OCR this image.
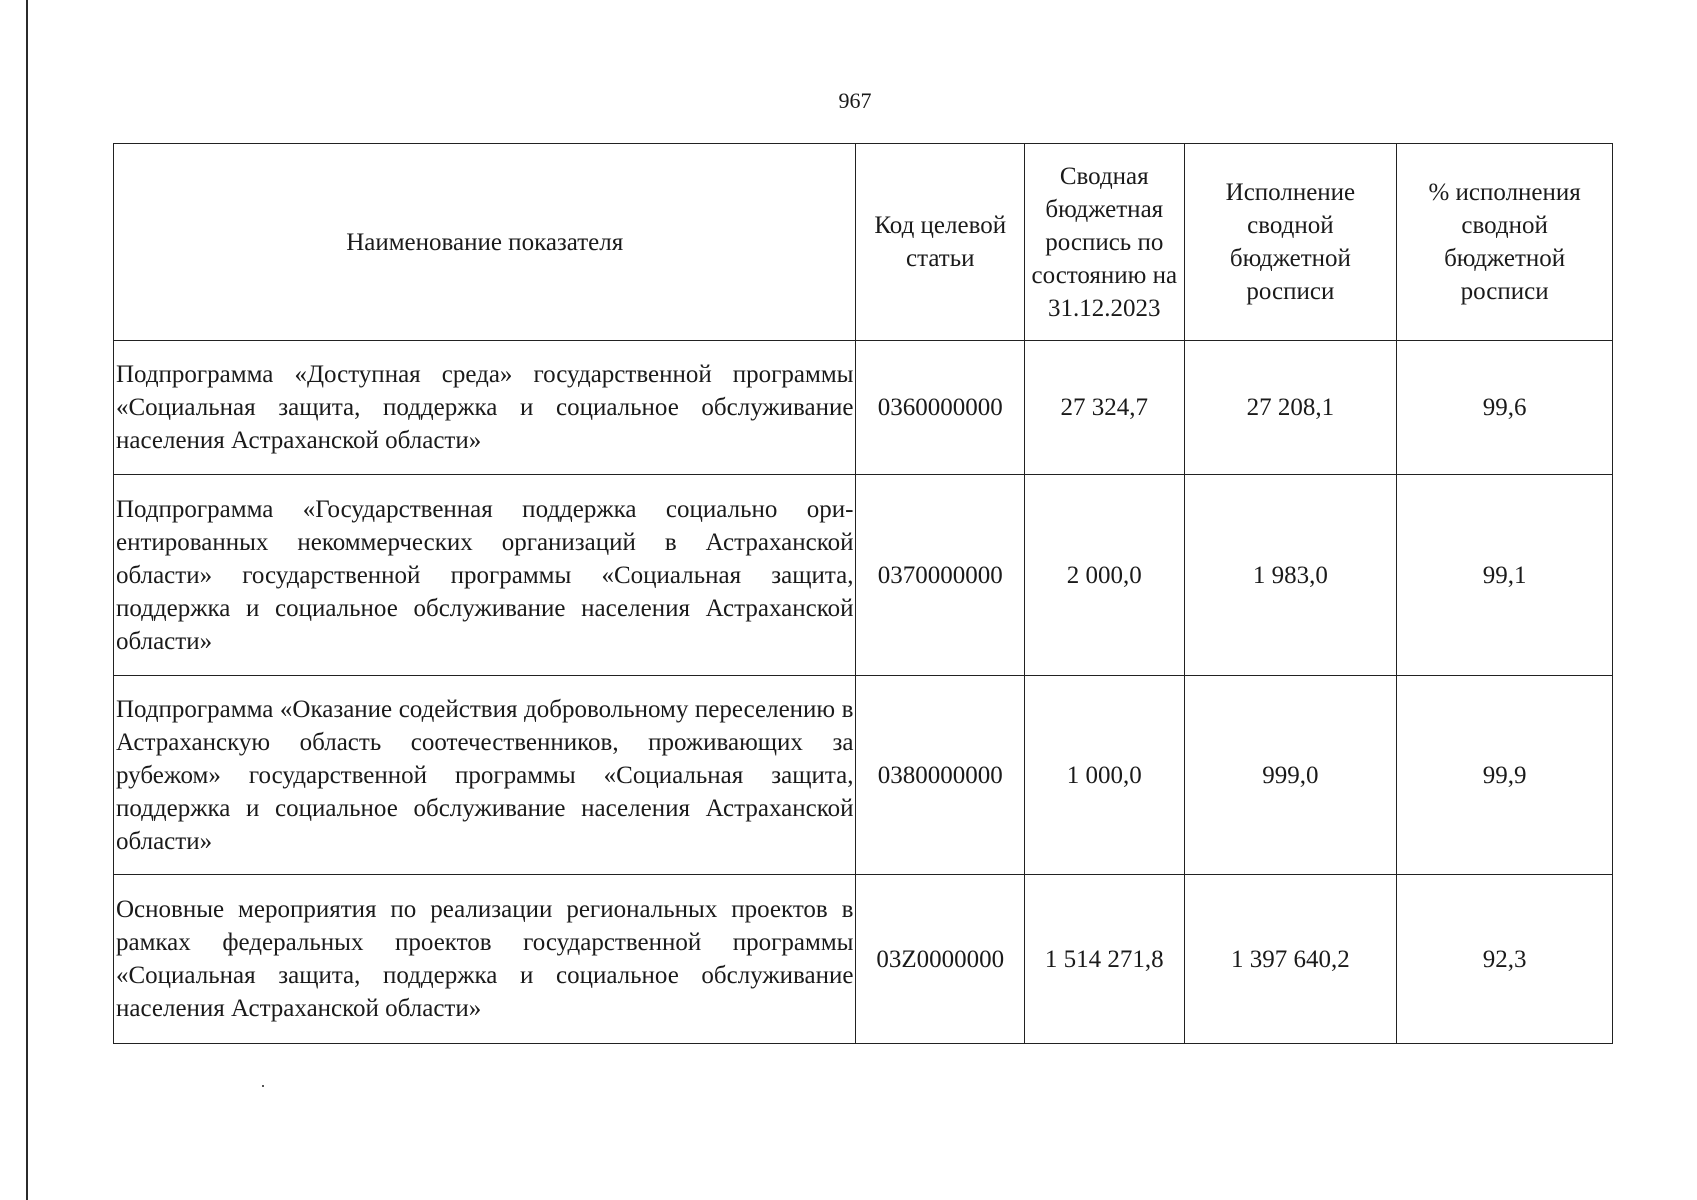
967
Наименование показателя	Код целевой статьи	Сводная бюджетная роспись по состоянию на 31.12.2023	Исполнение сводной бюджетной росписи	% исполнения сводной бюджетной росписи
Подпрограмма «Доступная среда» государственной программы «Социальная защита, поддержка и социальное обслуживание населения Астраханской области»	0360000000	27 324,7	27 208,1	99,6
Подпрограмма «Государственная поддержка социально ориентированных некоммерческих организаций в Астраханской области» государственной программы «Социальная защита, поддержка и социальное обслуживание населения Астраханской области»	0370000000	2 000,0	1 983,0	99,1
Подпрограмма «Оказание содействия добровольному переселению в Астраханскую область соотечественников, проживающих за рубежом» государственной программы «Социальная защита, поддержка и социальное обслуживание населения Астраханской области»	0380000000	1 000,0	999,0	99,9
Основные мероприятия по реализации региональных проектов в рамках федеральных проектов государственной программы «Социальная защита, поддержка и социальное обслуживание населения Астраханской области»	03Z0000000	1 514 271,8	1 397 640,2	92,3
